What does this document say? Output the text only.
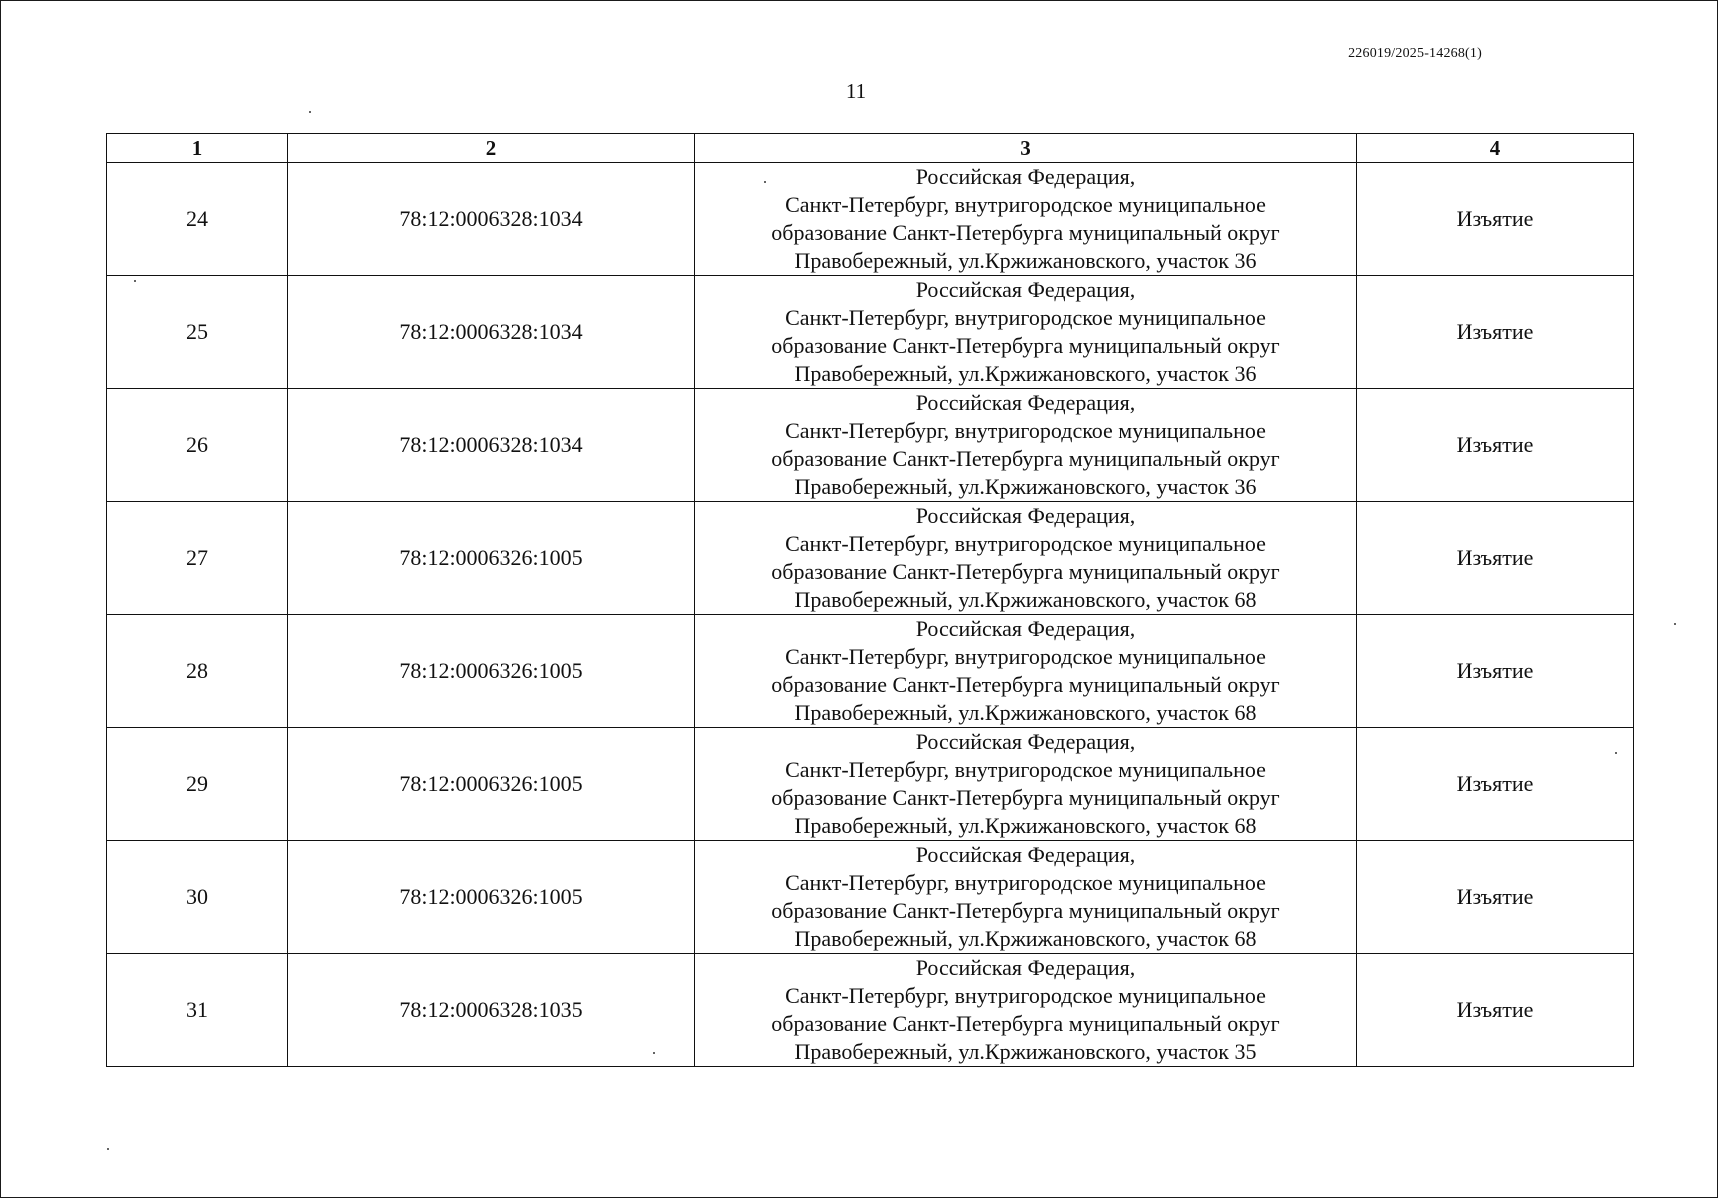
226019/2025-14268(1)
11
1	2	3	4
24	78:12:0006328:1034	Российская Федерация,
Санкт-Петербург, внутригородское муниципальное
образование Санкт-Петербурга муниципальный округ
Правобережный, ул.Кржижановского, участок 36	Изъятие
25	78:12:0006328:1034	Российская Федерация,
Санкт-Петербург, внутригородское муниципальное
образование Санкт-Петербурга муниципальный округ
Правобережный, ул.Кржижановского, участок 36	Изъятие
26	78:12:0006328:1034	Российская Федерация,
Санкт-Петербург, внутригородское муниципальное
образование Санкт-Петербурга муниципальный округ
Правобережный, ул.Кржижановского, участок 36	Изъятие
27	78:12:0006326:1005	Российская Федерация,
Санкт-Петербург, внутригородское муниципальное
образование Санкт-Петербурга муниципальный округ
Правобережный, ул.Кржижановского, участок 68	Изъятие
28	78:12:0006326:1005	Российская Федерация,
Санкт-Петербург, внутригородское муниципальное
образование Санкт-Петербурга муниципальный округ
Правобережный, ул.Кржижановского, участок 68	Изъятие
29	78:12:0006326:1005	Российская Федерация,
Санкт-Петербург, внутригородское муниципальное
образование Санкт-Петербурга муниципальный округ
Правобережный, ул.Кржижановского, участок 68	Изъятие
30	78:12:0006326:1005	Российская Федерация,
Санкт-Петербург, внутригородское муниципальное
образование Санкт-Петербурга муниципальный округ
Правобережный, ул.Кржижановского, участок 68	Изъятие
31	78:12:0006328:1035	Российская Федерация,
Санкт-Петербург, внутригородское муниципальное
образование Санкт-Петербурга муниципальный округ
Правобережный, ул.Кржижановского, участок 35	Изъятие
